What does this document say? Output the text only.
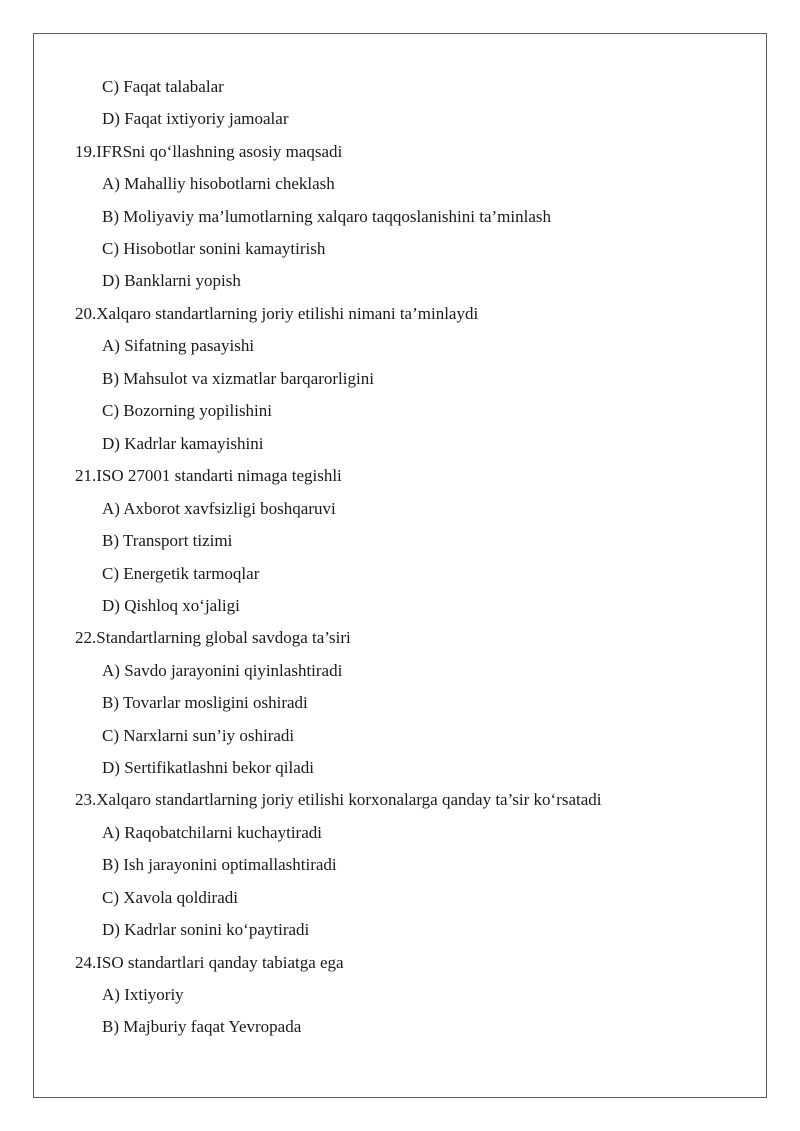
C) Faqat talabalar
D) Faqat ixtiyoriy jamoalar
19.IFRSni qo‘llashning asosiy maqsadi
A) Mahalliy hisobotlarni cheklash
B) Moliyaviy ma’lumotlarning xalqaro taqqoslanishini ta’minlash
C) Hisobotlar sonini kamaytirish
D) Banklarni yopish
20.Xalqaro standartlarning joriy etilishi nimani ta’minlaydi
A) Sifatning pasayishi
B) Mahsulot va xizmatlar barqarorligini
C) Bozorning yopilishini
D) Kadrlar kamayishini
21.ISO 27001 standarti nimaga tegishli
A) Axborot xavfsizligi boshqaruvi
B) Transport tizimi
C) Energetik tarmoqlar
D) Qishloq xo‘jaligi
22.Standartlarning global savdoga ta’siri
A) Savdo jarayonini qiyinlashtiradi
B) Tovarlar mosligini oshiradi
C) Narxlarni sun’iy oshiradi
D) Sertifikatlashni bekor qiladi
23.Xalqaro standartlarning joriy etilishi korxonalarga qanday ta’sir ko‘rsatadi
A) Raqobatchilarni kuchaytiradi
B) Ish jarayonini optimallashtiradi
C) Xavola qoldiradi
D) Kadrlar sonini ko‘paytiradi
24.ISO standartlari qanday tabiatga ega
A) Ixtiyoriy
B) Majburiy faqat Yevropada
